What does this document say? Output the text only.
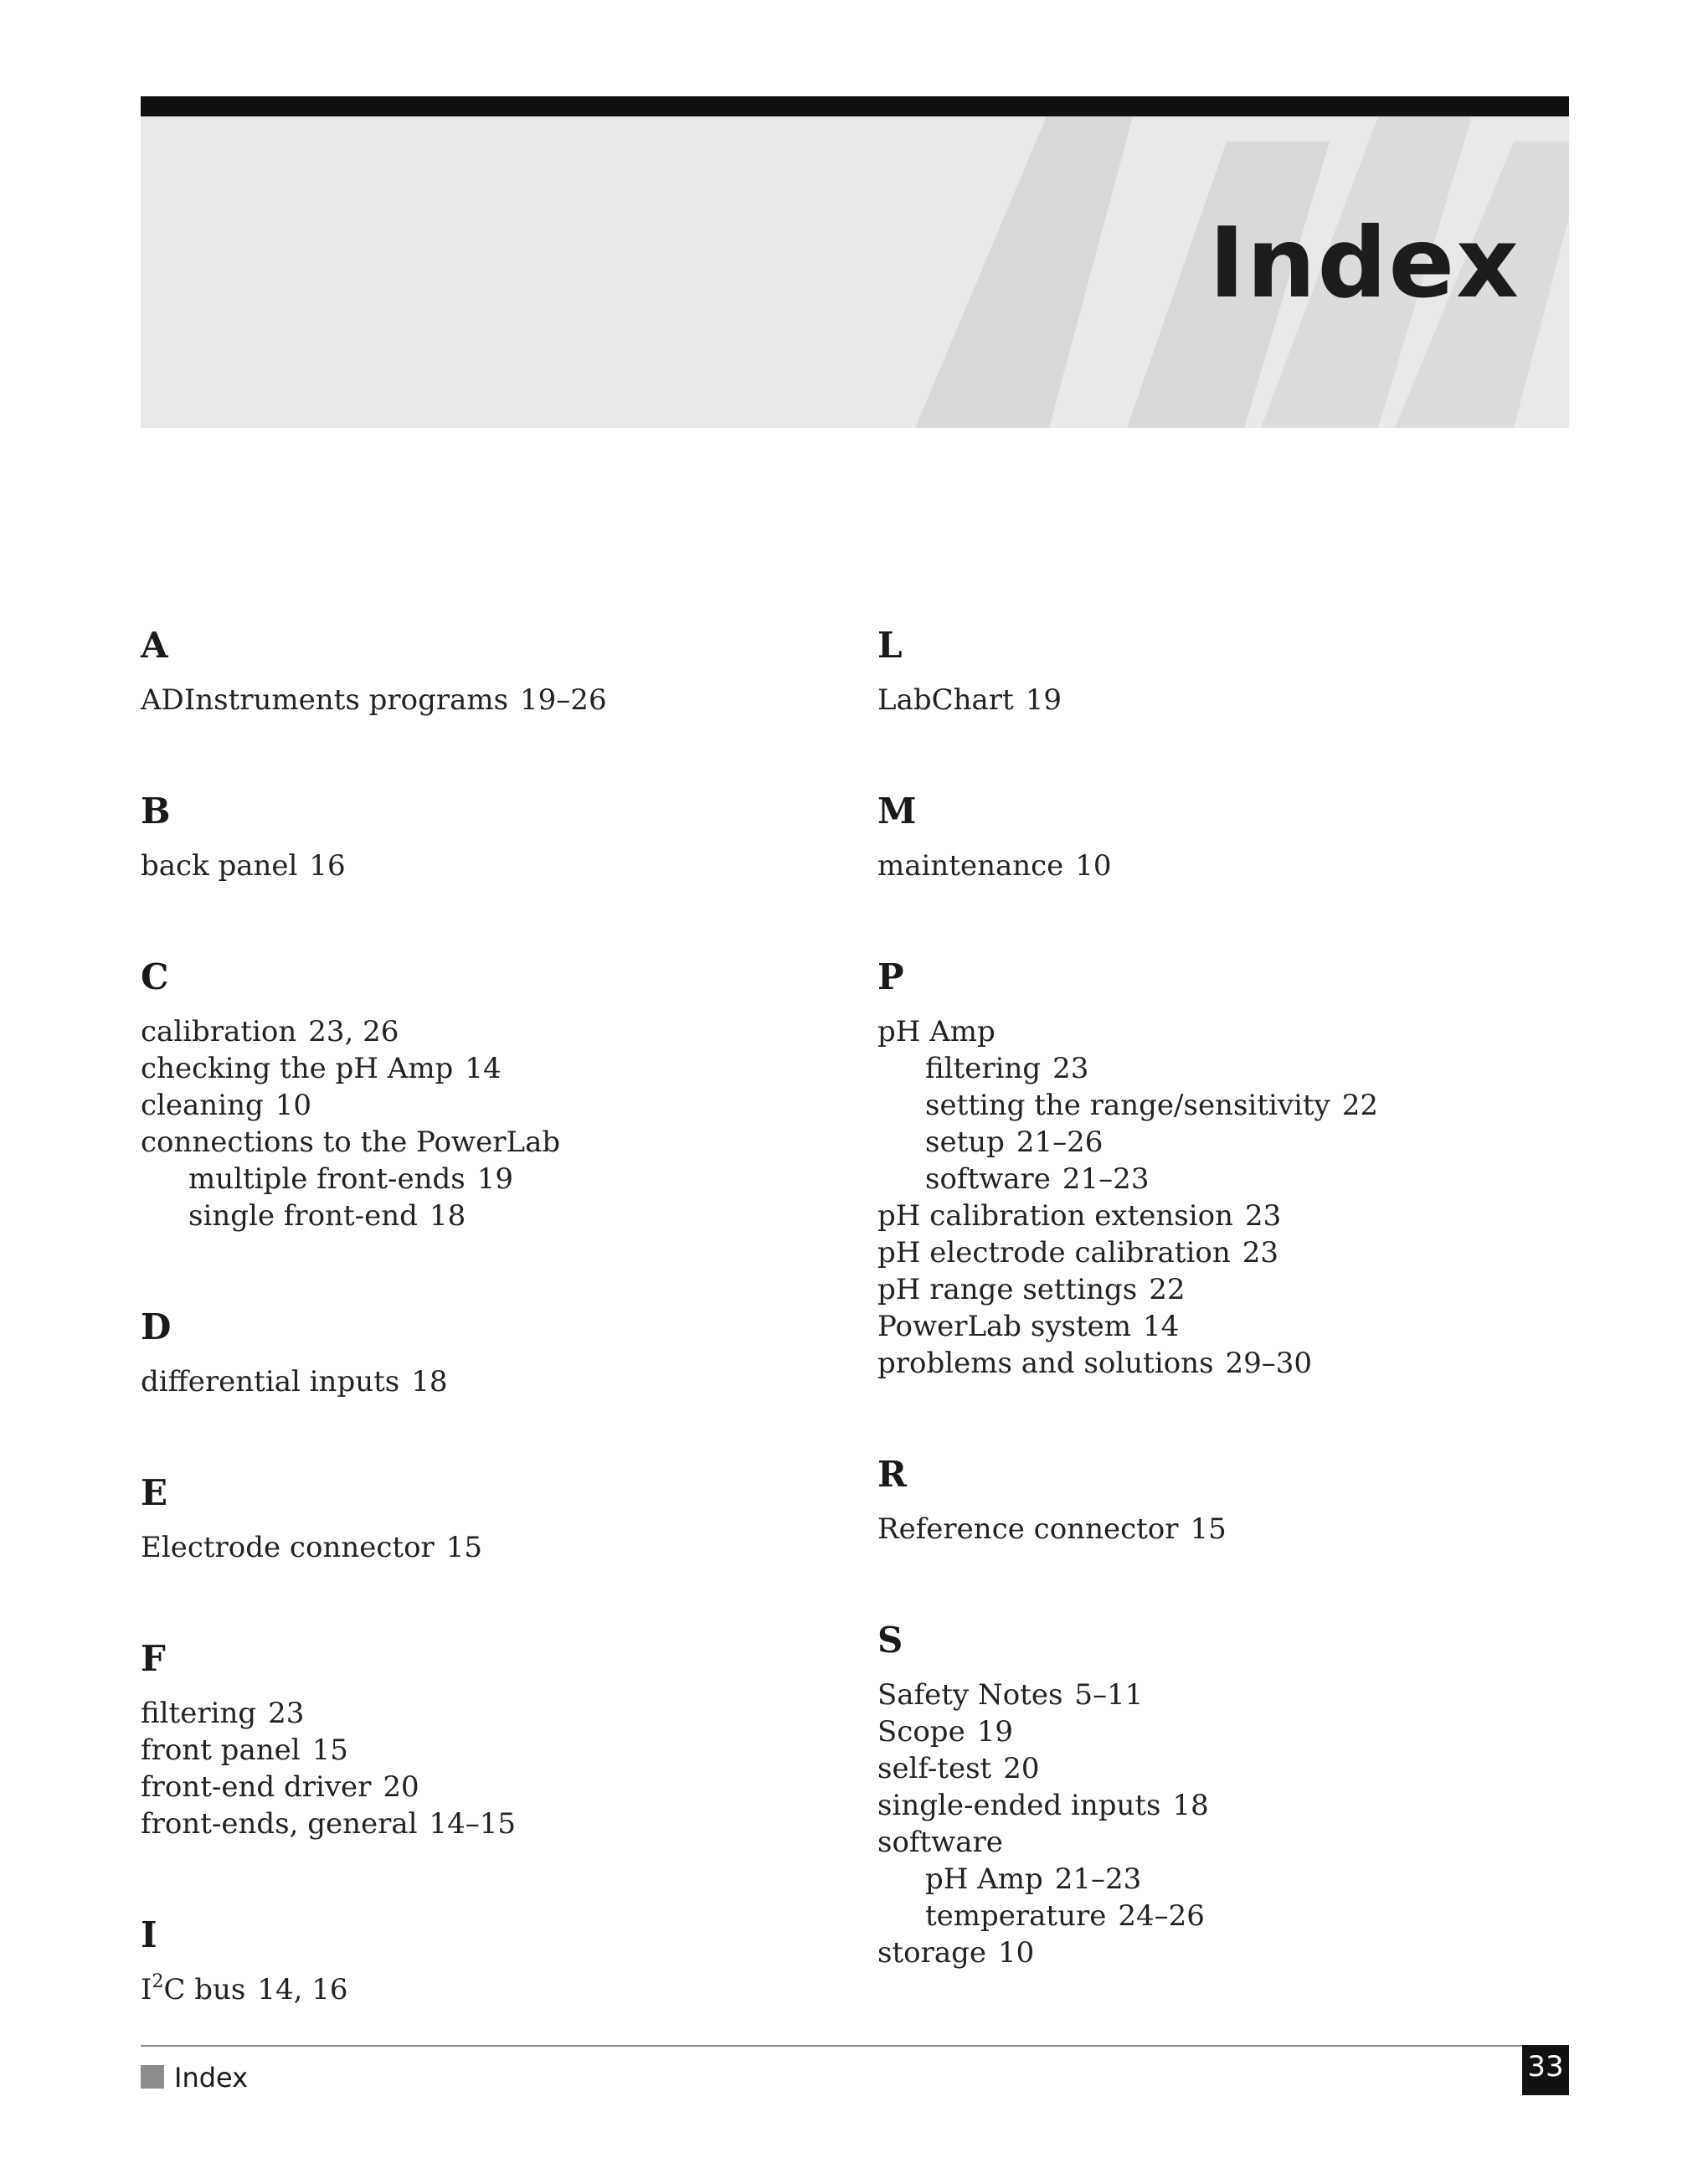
Index
A
ADInstruments programs 19–26
B
back panel 16
C
calibration 23, 26
checking the pH Amp 14
cleaning 10
connections to the PowerLab
multiple front-ends 19
single front-end 18
D
differential inputs 18
E
Electrode connector 15
F
filtering 23
front panel 15
front-end driver 20
front-ends, general 14–15
I
$I^2C$ bus 14, 16
L
LabChart 19
M
maintenance 10
P
pH Amp
filtering 23
setting the range/sensitivity 22
setup 21–26
software 21–23
pH calibration extension 23
pH electrode calibration 23
pH range settings 22
PowerLab system 14
problems and solutions 29–30
R
Reference connector 15
S
Safety Notes 5–11
Scope 19
self-test 20
single-ended inputs 18
software
pH Amp 21–23
temperature 24–26
storage 10
Index	33
